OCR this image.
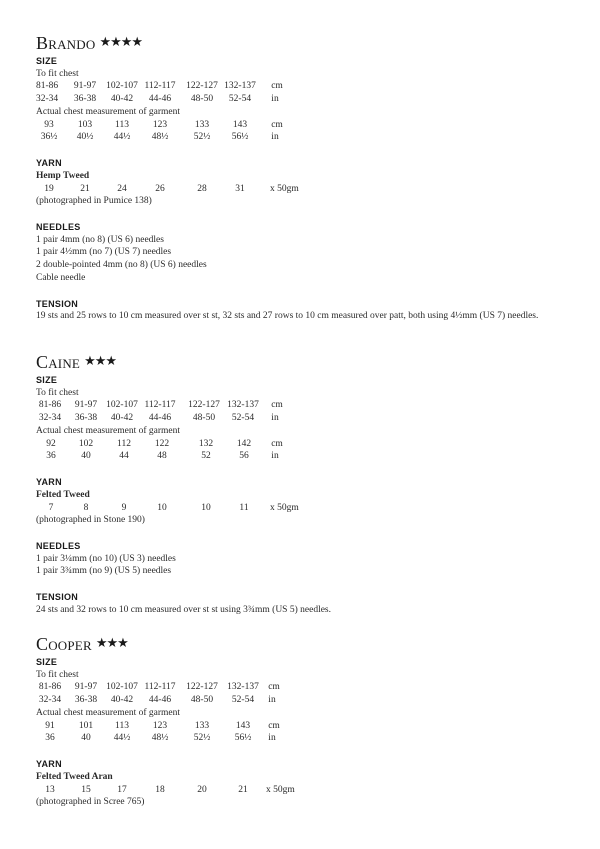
Brando ★★★★
SIZE
To fit chest
81-86 91-97 102-107 112-117 122-127 132-137 cm
32-34 36-38 40-42 44-46 48-50 52-54 in
Actual chest measurement of garment
93	103 113	123	133	143	cm
36½ 40½ 44½ 48½	52½ 56½ in
YARN
Hemp Tweed
19	21	24	26	28	31	x 50gm
(photographed in Pumice 138)
NEEDLES
1 pair 4mm (no 8) (US 6) needles
1 pair 4½mm (no 7) (US 7) needles
2 double-pointed 4mm (no 8) (US 6) needles
Cable needle
TENSION
19 sts and 25 rows to 10 cm measured over st st, 32 sts and 27 rows to 10 cm measured over patt, both using 4½mm (US 7) needles.
Caine ★★★
SIZE
To fit chest
81-86 91-97 102-107 112-117 122-127 132-137 cm
32-34 36-38 40-42 44-46 48-50 52-54 in
Actual chest measurement of garment
92 102	112	122	132	142 cm
36	40	44	48	52	56 in
YARN
Felted Tweed
7	8	9	10	10	11 x 50gm
(photographed in Stone 190)
NEEDLES
1 pair 3¼mm (no 10) (US 3) needles
1 pair 3¾mm (no 9) (US 5) needles
TENSION
24 sts and 32 rows to 10 cm measured over st st using 3¾mm (US 5) needles.
Cooper ★★★
SIZE
To fit chest
81-86 91-97 102-107 112-117 122-127 132-137 cm
32-34 36-38 40-42 44-46 48-50 52-54 in
Actual chest measurement of garment
91	101 113	123	133	143 cm
36	40 44½ 48½	52½	56½ in
YARN
Felted Tweed Aran
13	15	17	18	20	21 x 50gm
(photographed in Scree 765)
